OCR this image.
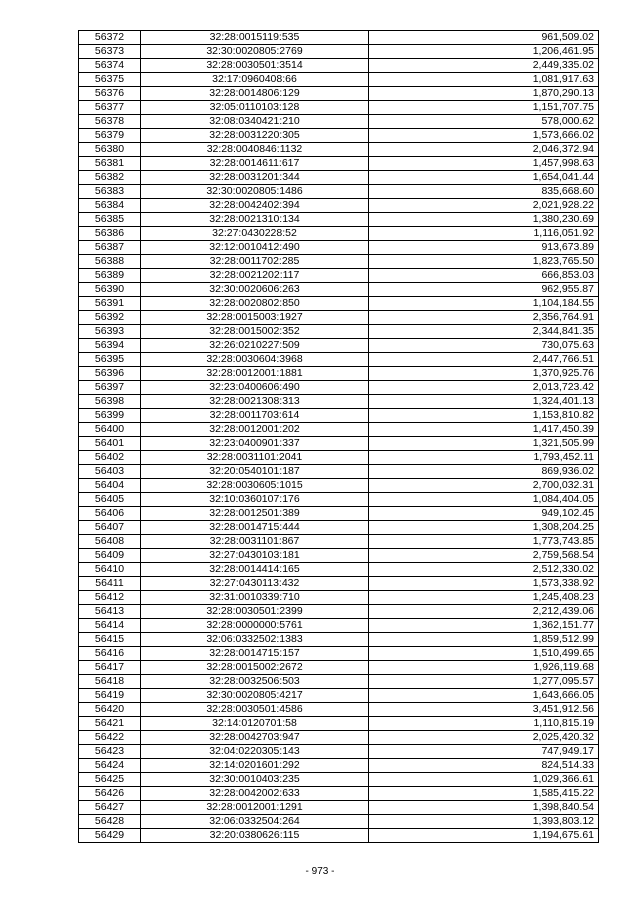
56372	32:28:0015119:535	961,509.02
56373	32:30:0020805:2769	1,206,461.95
56374	32:28:0030501:3514	2,449,335.02
56375	32:17:0960408:66	1,081,917.63
56376	32:28:0014806:129	1,870,290.13
56377	32:05:0110103:128	1,151,707.75
56378	32:08:0340421:210	578,000.62
56379	32:28:0031220:305	1,573,666.02
56380	32:28:0040846:1132	2,046,372.94
56381	32:28:0014611:617	1,457,998.63
56382	32:28:0031201:344	1,654,041.44
56383	32:30:0020805:1486	835,668.60
56384	32:28:0042402:394	2,021,928.22
56385	32:28:0021310:134	1,380,230.69
56386	32:27:0430228:52	1,116,051.92
56387	32:12:0010412:490	913,673.89
56388	32:28:0011702:285	1,823,765.50
56389	32:28:0021202:117	666,853.03
56390	32:30:0020606:263	962,955.87
56391	32:28:0020802:850	1,104,184.55
56392	32:28:0015003:1927	2,356,764.91
56393	32:28:0015002:352	2,344,841.35
56394	32:26:0210227:509	730,075.63
56395	32:28:0030604:3968	2,447,766.51
56396	32:28:0012001:1881	1,370,925.76
56397	32:23:0400606:490	2,013,723.42
56398	32:28:0021308:313	1,324,401.13
56399	32:28:0011703:614	1,153,810.82
56400	32:28:0012001:202	1,417,450.39
56401	32:23:0400901:337	1,321,505.99
56402	32:28:0031101:2041	1,793,452.11
56403	32:20:0540101:187	869,936.02
56404	32:28:0030605:1015	2,700,032.31
56405	32:10:0360107:176	1,084,404.05
56406	32:28:0012501:389	949,102.45
56407	32:28:0014715:444	1,308,204.25
56408	32:28:0031101:867	1,773,743.85
56409	32:27:0430103:181	2,759,568.54
56410	32:28:0014414:165	2,512,330.02
56411	32:27:0430113:432	1,573,338.92
56412	32:31:0010339:710	1,245,408.23
56413	32:28:0030501:2399	2,212,439.06
56414	32:28:0000000:5761	1,362,151.77
56415	32:06:0332502:1383	1,859,512.99
56416	32:28:0014715:157	1,510,499.65
56417	32:28:0015002:2672	1,926,119.68
56418	32:28:0032506:503	1,277,095.57
56419	32:30:0020805:4217	1,643,666.05
56420	32:28:0030501:4586	3,451,912.56
56421	32:14:0120701:58	1,110,815.19
56422	32:28:0042703:947	2,025,420.32
56423	32:04:0220305:143	747,949.17
56424	32:14:0201601:292	824,514.33
56425	32:30:0010403:235	1,029,366.61
56426	32:28:0042002:633	1,585,415.22
56427	32:28:0012001:1291	1,398,840.54
56428	32:06:0332504:264	1,393,803.12
56429	32:20:0380626:115	1,194,675.61
- 973 -
